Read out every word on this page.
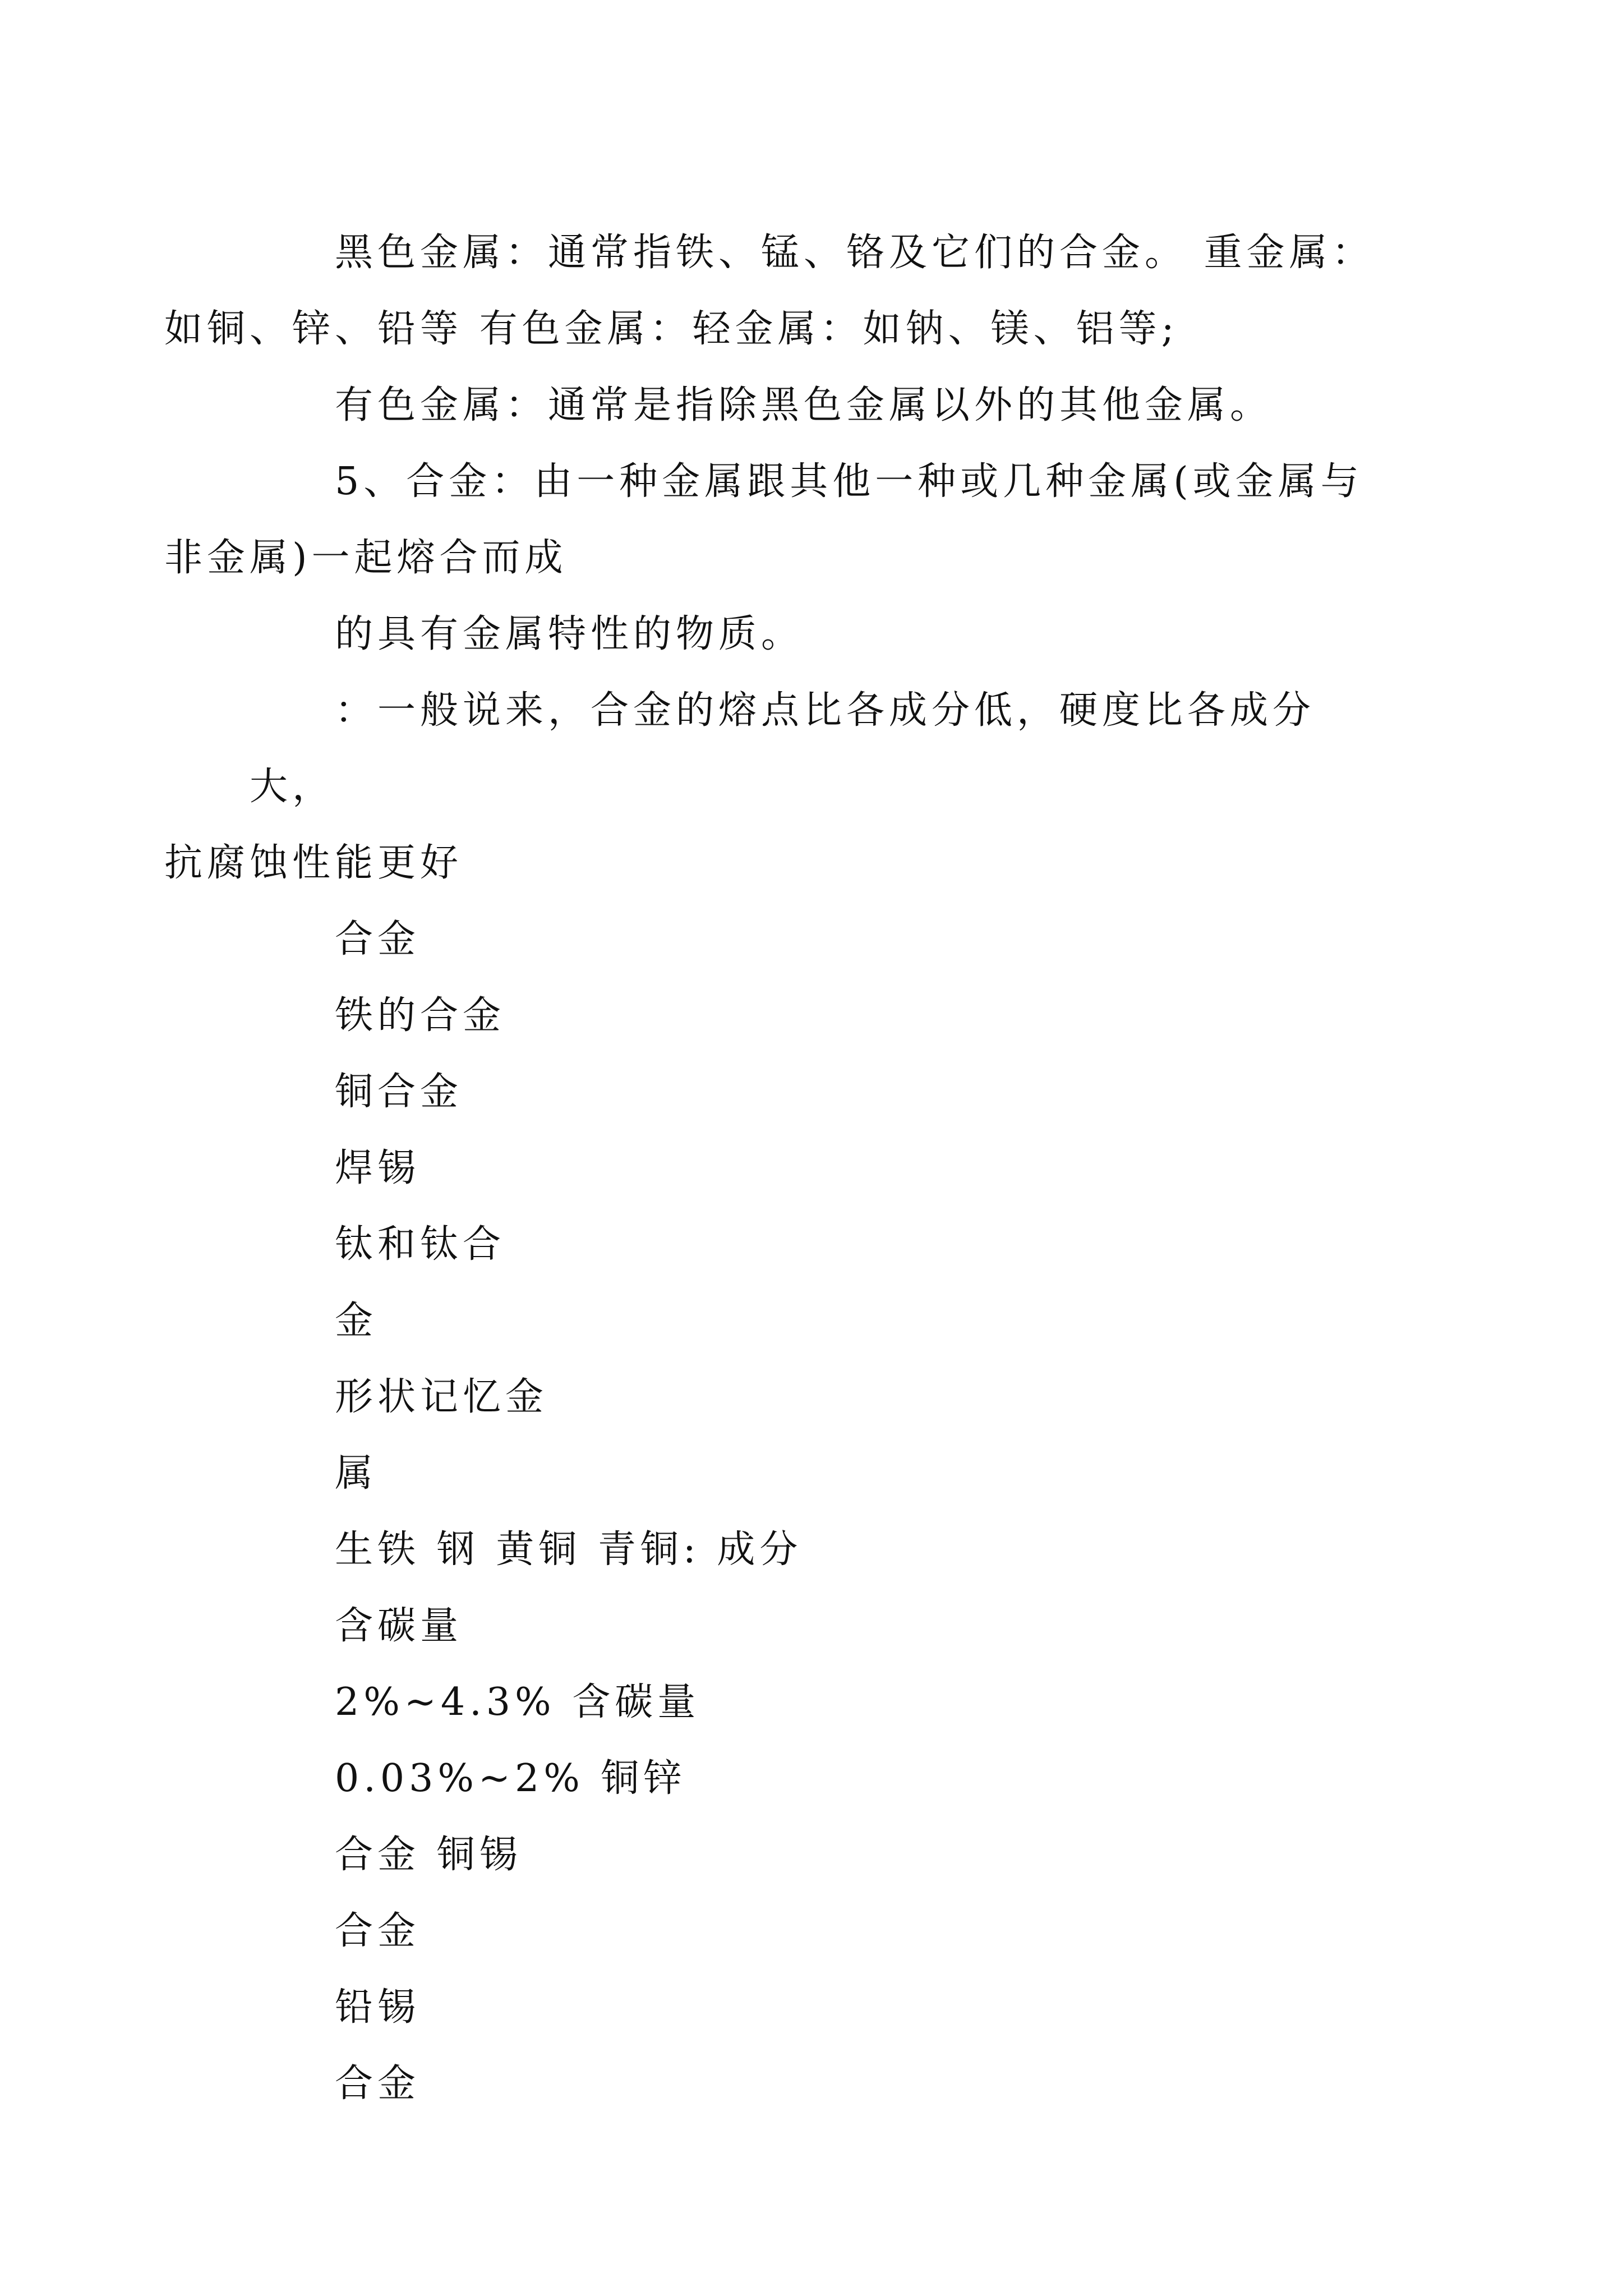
黑色金属：通常指铁、锰、铬及它们的合金。 重金属：
如铜、锌、铅等 有色金属：轻金属：如钠、镁、铝等;

有色金属：通常是指除黑色金属以外的其他金属。

5、合金：由一种金属跟其他一种或几种金属(或金属与
非金属)一起熔合而成

的具有金属特性的物质。

：一般说来，合金的熔点比各成分低，硬度比各成分大，
抗腐蚀性能更好

合金

铁的合金

铜合金

焊锡

钛和钛合

金

形状记忆金

属

生铁 钢 黄铜 青铜: 成分

含碳量

2%~4.3% 含碳量

0.03%~2% 铜锌

合金 铜锡

合金

铅锡

合金
